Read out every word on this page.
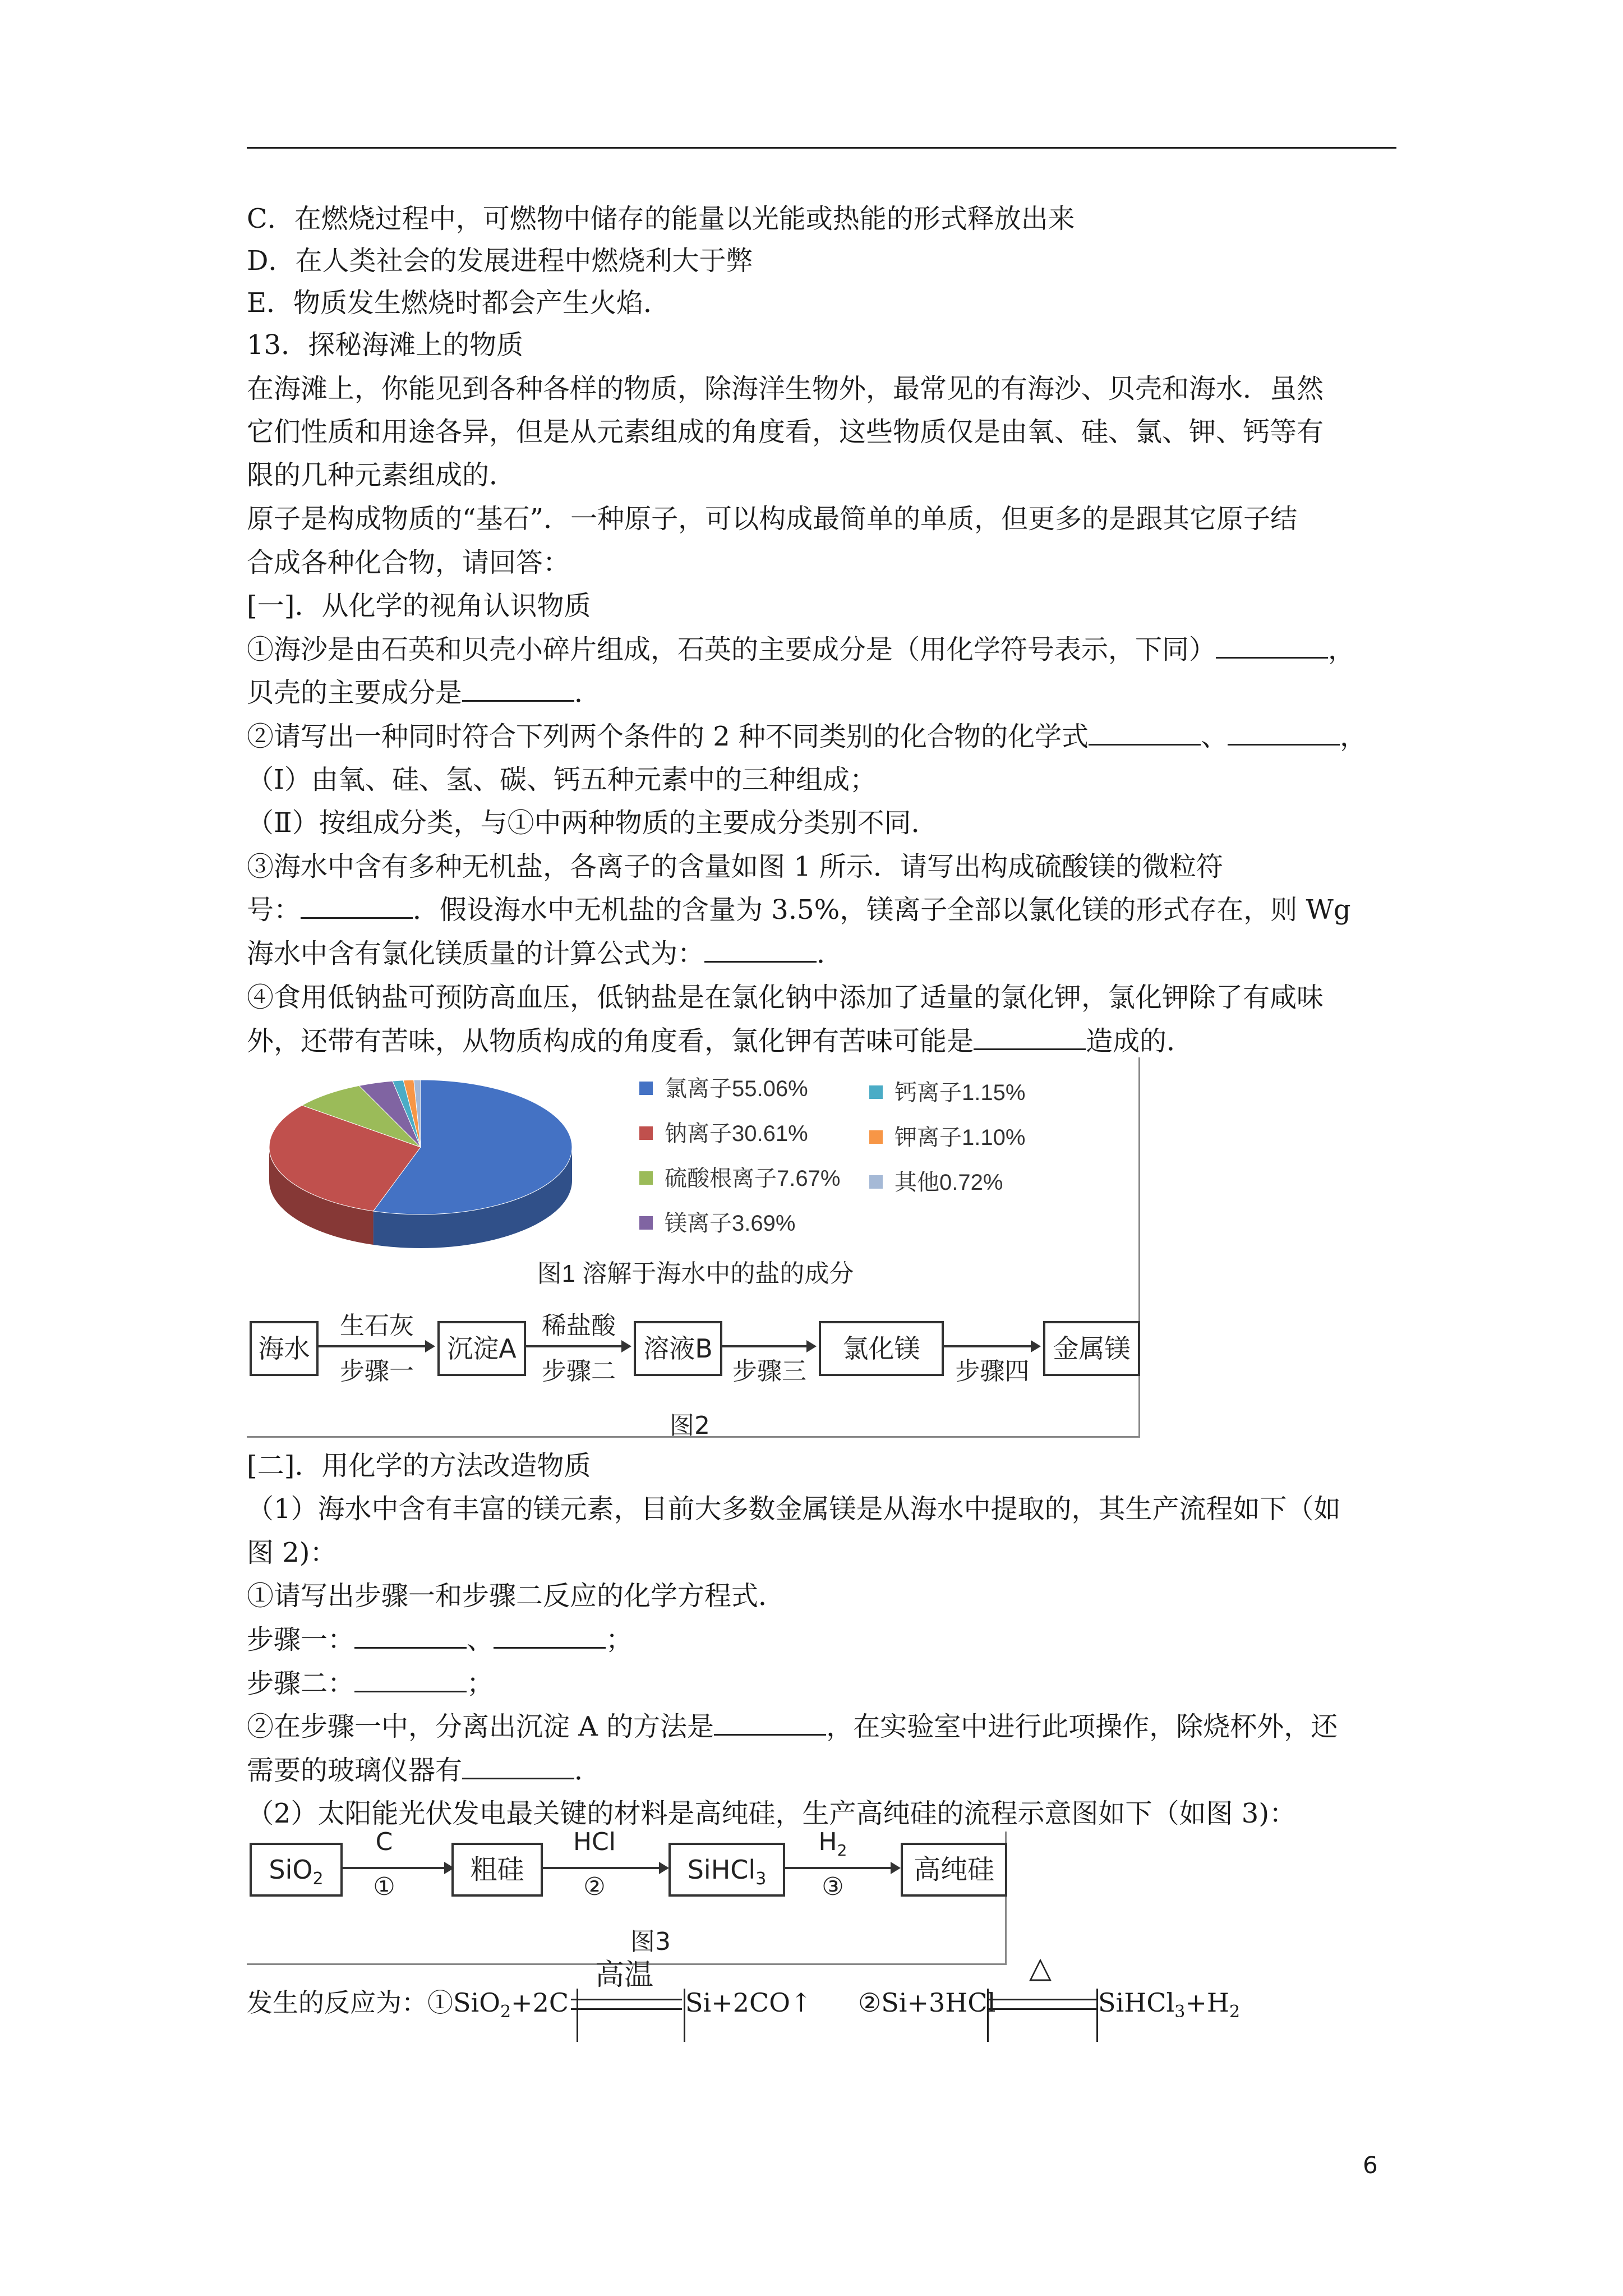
C．在燃烧过程中，可燃物中储存的能量以光能或热能的形式释放出来
D．在人类社会的发展进程中燃烧利大于弊
E．物质发生燃烧时都会产生火焰．
13．探秘海滩上的物质
在海滩上，你能见到各种各样的物质，除海洋生物外，最常见的有海沙、贝壳和海水．虽然
它们性质和用途各异，但是从元素组成的角度看，这些物质仅是由氧、硅、氯、钾、钙等有
限的几种元素组成的．
原子是构成物质的“基石”．一种原子，可以构成最简单的单质，但更多的是跟其它原子结
合成各种化合物，请回答：
[一]．从化学的视角认识物质
①海沙是由石英和贝壳小碎片组成，石英的主要成分是（用化学符号表示，下同）	，
贝壳的主要成分是	．
②请写出一种同时符合下列两个条件的 2 种不同类别的化合物的化学式	、	，
（Ⅰ）由氧、硅、氢、碳、钙五种元素中的三种组成；
（Ⅱ）按组成分类，与①中两种物质的主要成分类别不同．
③海水中含有多种无机盐，各离子的含量如图 1 所示．请写出构成硫酸镁的微粒符
号：	．假设海水中无机盐的含量为 3.5%，镁离子全部以氯化镁的形式存在，则 Wg
海水中含有氯化镁质量的计算公式为：	．
④食用低钠盐可预防高血压，低钠盐是在氯化钠中添加了适量的氯化钾，氯化钾除了有咸味
外，还带有苦味，从物质构成的角度看，氯化钾有苦味可能是	造成的．
氯离子55.06%
钠离子30.61%
硫酸根离子7.67%
镁离子3.69%
钙离子1.15%
钾离子1.10%
其他0.72%
图1 溶解于海水中的盐的成分
海水	沉淀A	溶液B	氯化镁	金属镁
生石灰
步骤一
稀盐酸
步骤二	步骤三	步骤四
图2
[二]．用化学的方法改造物质
（1）海水中含有丰富的镁元素，目前大多数金属镁是从海水中提取的，其生产流程如下（如
图 2)：
①请写出步骤一和步骤二反应的化学方程式．
步骤一：	、	；
步骤二：	；
②在步骤一中，分离出沉淀 A 的方法是	，在实验室中进行此项操作，除烧杯外，还
需要的玻璃仪器有	．
（2）太阳能光伏发电最关键的材料是高纯硅，生产高纯硅的流程示意图如下（如图 3)：
SiO$_2$	粗硅	SiHCl$_3$	高纯硅
C
①
HCl
②
$H_2$
③
图3
发生的反应为：①SiO$_2$+2C
高温
Si+2CO↑ ②Si+3HCl
△
$SiHCl_3+H_2$
6
